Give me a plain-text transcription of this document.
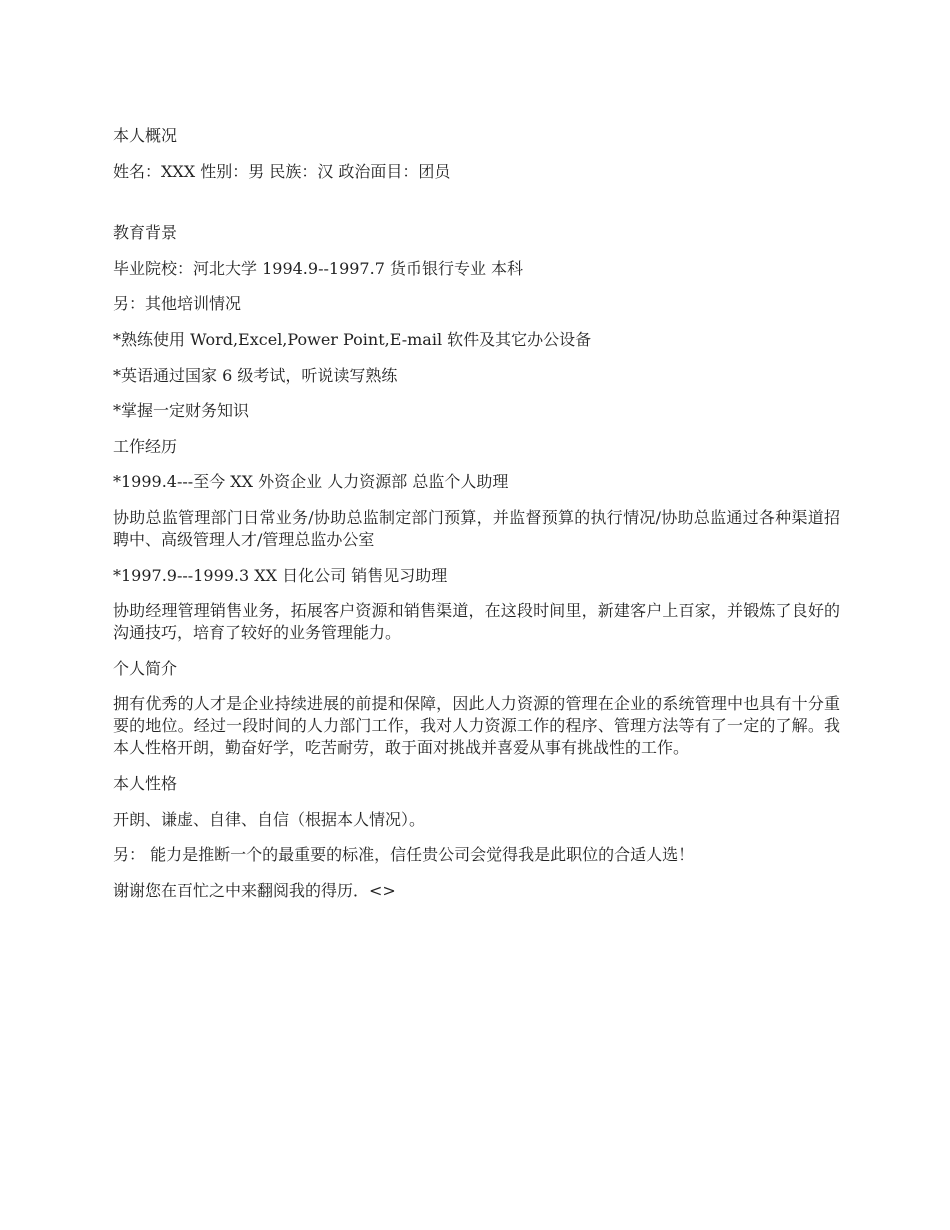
本人概况

姓名：XXX 性别：男 民族：汉 政治面目：团员

教育背景

毕业院校：河北大学 1994.9--1997.7 货币银行专业 本科

另：其他培训情况

*熟练使用 Word,Excel,Power Point,E-mail 软件及其它办公设备

*英语通过国家 6 级考试，听说读写熟练

*掌握一定财务知识

工作经历

*1999.4---至今 XX 外资企业 人力资源部 总监个人助理

协助总监管理部门日常业务/协助总监制定部门预算，并监督预算的执行情况/协助总监通过各种渠道招聘中、高级管理人才/管理总监办公室

*1997.9---1999.3 XX 日化公司 销售见习助理

协助经理管理销售业务，拓展客户资源和销售渠道，在这段时间里，新建客户上百家，并锻炼了良好的沟通技巧，培育了较好的业务管理能力。

个人简介

拥有优秀的人才是企业持续进展的前提和保障，因此人力资源的管理在企业的系统管理中也具有十分重要的地位。经过一段时间的人力部门工作，我对人力资源工作的程序、管理方法等有了一定的了解。我本人性格开朗，勤奋好学，吃苦耐劳，敢于面对挑战并喜爱从事有挑战性的工作。

本人性格

开朗、谦虚、自律、自信（根据本人情况）。

另： 能力是推断一个的最重要的标准，信任贵公司会觉得我是此职位的合适人选！

谢谢您在百忙之中来翻阅我的得历．<>
